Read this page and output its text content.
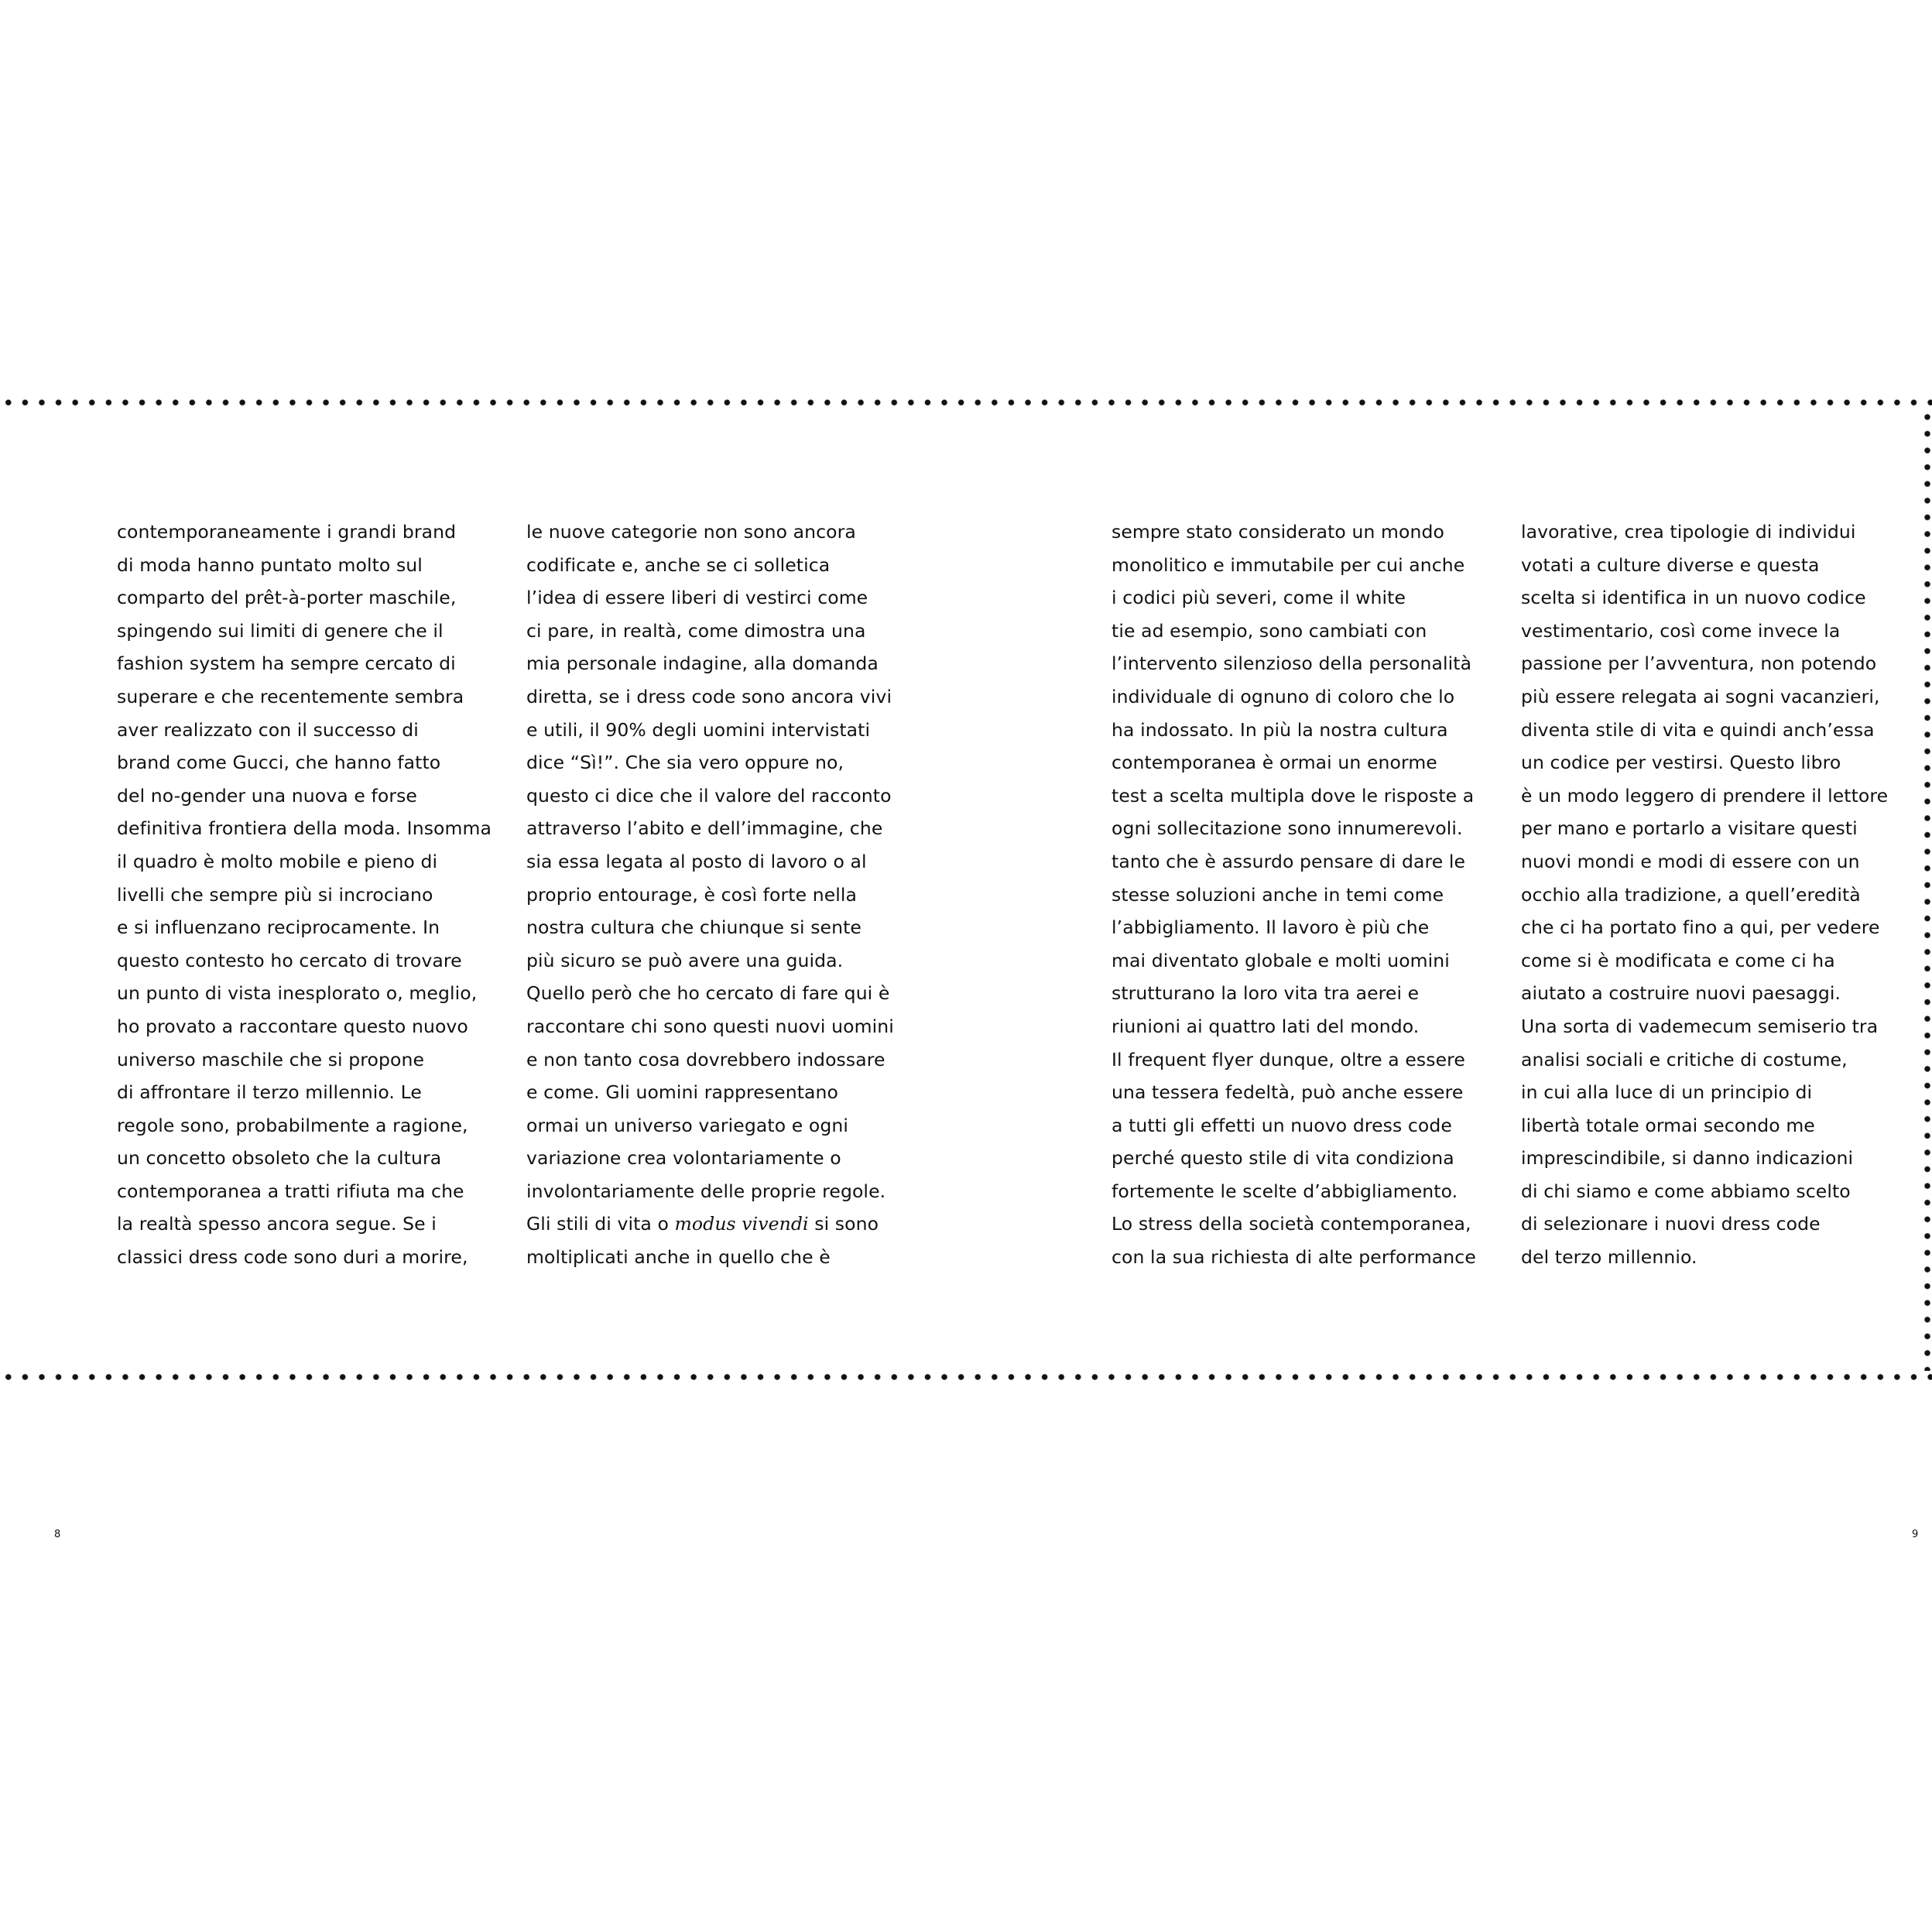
contemporaneamente i grandi brand
di moda hanno puntato molto sul
comparto del prêt-à-porter maschile,
spingendo sui limiti di genere che il
fashion system ha sempre cercato di
superare e che recentemente sembra
aver realizzato con il successo di
brand come Gucci, che hanno fatto
del no-gender una nuova e forse
definitiva frontiera della moda. Insomma
il quadro è molto mobile e pieno di
livelli che sempre più si incrociano
e si influenzano reciprocamente. In
questo contesto ho cercato di trovare
un punto di vista inesplorato o, meglio,
ho provato a raccontare questo nuovo
universo maschile che si propone
di affrontare il terzo millennio. Le
regole sono, probabilmente a ragione,
un concetto obsoleto che la cultura
contemporanea a tratti rifiuta ma che
la realtà spesso ancora segue. Se i
classici dress code sono duri a morire,
le nuove categorie non sono ancora
codificate e, anche se ci solletica
l’idea di essere liberi di vestirci come
ci pare, in realtà, come dimostra una
mia personale indagine, alla domanda
diretta, se i dress code sono ancora vivi
e utili, il 90% degli uomini intervistati
dice “Sì!”. Che sia vero oppure no,
questo ci dice che il valore del racconto
attraverso l’abito e dell’immagine, che
sia essa legata al posto di lavoro o al
proprio entourage, è così forte nella
nostra cultura che chiunque si sente
più sicuro se può avere una guida.
Quello però che ho cercato di fare qui è
raccontare chi sono questi nuovi uomini
e non tanto cosa dovrebbero indossare
e come. Gli uomini rappresentano
ormai un universo variegato e ogni
variazione crea volontariamente o
involontariamente delle proprie regole.
Gli stili di vita o modus vivendi si sono
moltiplicati anche in quello che è
sempre stato considerato un mondo
monolitico e immutabile per cui anche
i codici più severi, come il white
tie ad esempio, sono cambiati con
l’intervento silenzioso della personalità
individuale di ognuno di coloro che lo
ha indossato. In più la nostra cultura
contemporanea è ormai un enorme
test a scelta multipla dove le risposte a
ogni sollecitazione sono innumerevoli.
tanto che è assurdo pensare di dare le
stesse soluzioni anche in temi come
l’abbigliamento. Il lavoro è più che
mai diventato globale e molti uomini
strutturano la loro vita tra aerei e
riunioni ai quattro lati del mondo.
Il frequent flyer dunque, oltre a essere
una tessera fedeltà, può anche essere
a tutti gli effetti un nuovo dress code
perché questo stile di vita condiziona
fortemente le scelte d’abbigliamento.
Lo stress della società contemporanea,
con la sua richiesta di alte performance
lavorative, crea tipologie di individui
votati a culture diverse e questa
scelta si identifica in un nuovo codice
vestimentario, così come invece la
passione per l’avventura, non potendo
più essere relegata ai sogni vacanzieri,
diventa stile di vita e quindi anch’essa
un codice per vestirsi. Questo libro
è un modo leggero di prendere il lettore
per mano e portarlo a visitare questi
nuovi mondi e modi di essere con un
occhio alla tradizione, a quell’eredità
che ci ha portato fino a qui, per vedere
come si è modificata e come ci ha
aiutato a costruire nuovi paesaggi.
Una sorta di vademecum semiserio tra
analisi sociali e critiche di costume,
in cui alla luce di un principio di
libertà totale ormai secondo me
imprescindibile, si danno indicazioni
di chi siamo e come abbiamo scelto
di selezionare i nuovi dress code
del terzo millennio.
8	9
